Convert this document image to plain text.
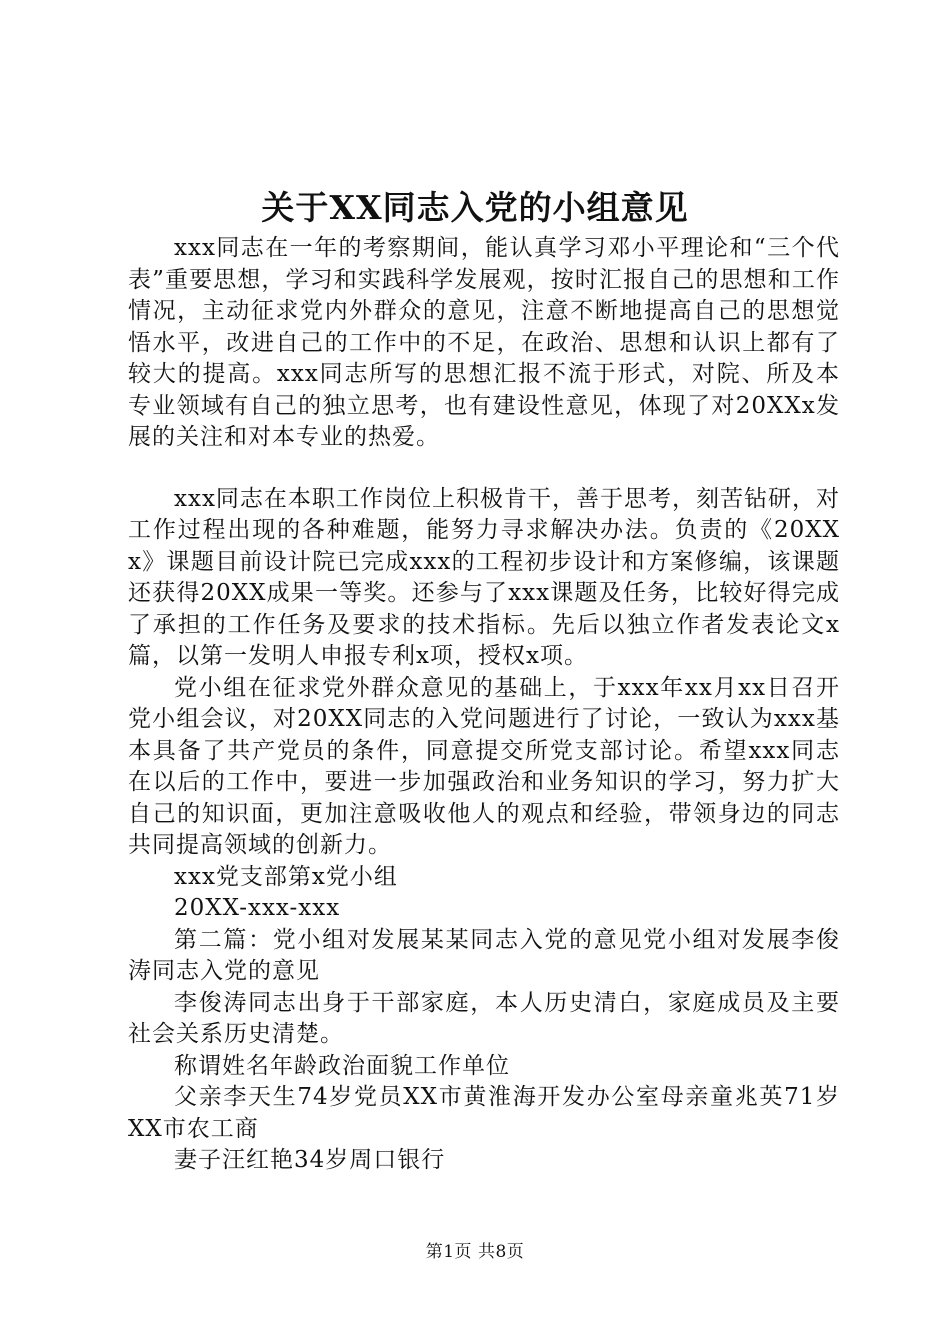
关于XX同志入党的小组意见

xxx同志在一年的考察期间，能认真学习邓小平理论和“三个代表”重要思想，学习和实践科学发展观，按时汇报自己的思想和工作情况，主动征求党内外群众的意见，注意不断地提高自己的思想觉悟水平，改进自己的工作中的不足，在政治、思想和认识上都有了较大的提高。xxx同志所写的思想汇报不流于形式，对院、所及本专业领域有自己的独立思考，也有建设性意见，体现了对20XXx发展的关注和对本专业的热爱。

xxx同志在本职工作岗位上积极肯干，善于思考，刻苦钻研，对工作过程出现的各种难题，能努力寻求解决办法。负责的《20XXx》课题目前设计院已完成xxx的工程初步设计和方案修编，该课题还获得20XX成果一等奖。还参与了xxx课题及任务，比较好得完成了承担的工作任务及要求的技术指标。先后以独立作者发表论文x篇，以第一发明人申报专利x项，授权x项。

党小组在征求党外群众意见的基础上，于xxx年xx月xx日召开党小组会议，对20XX同志的入党问题进行了讨论，一致认为xxx基本具备了共产党员的条件，同意提交所党支部讨论。希望xxx同志在以后的工作中，要进一步加强政治和业务知识的学习，努力扩大自己的知识面，更加注意吸收他人的观点和经验，带领身边的同志共同提高领域的创新力。

xxx党支部第x党小组

20XX-xxx-xxx

第二篇：党小组对发展某某同志入党的意见党小组对发展李俊涛同志入党的意见

李俊涛同志出身于干部家庭，本人历史清白，家庭成员及主要社会关系历史清楚。

称谓姓名年龄政治面貌工作单位

父亲李天生74岁党员XX市黄淮海开发办公室母亲童兆英71岁XX市农工商

妻子汪红艳34岁周口银行

第1页 共8页
